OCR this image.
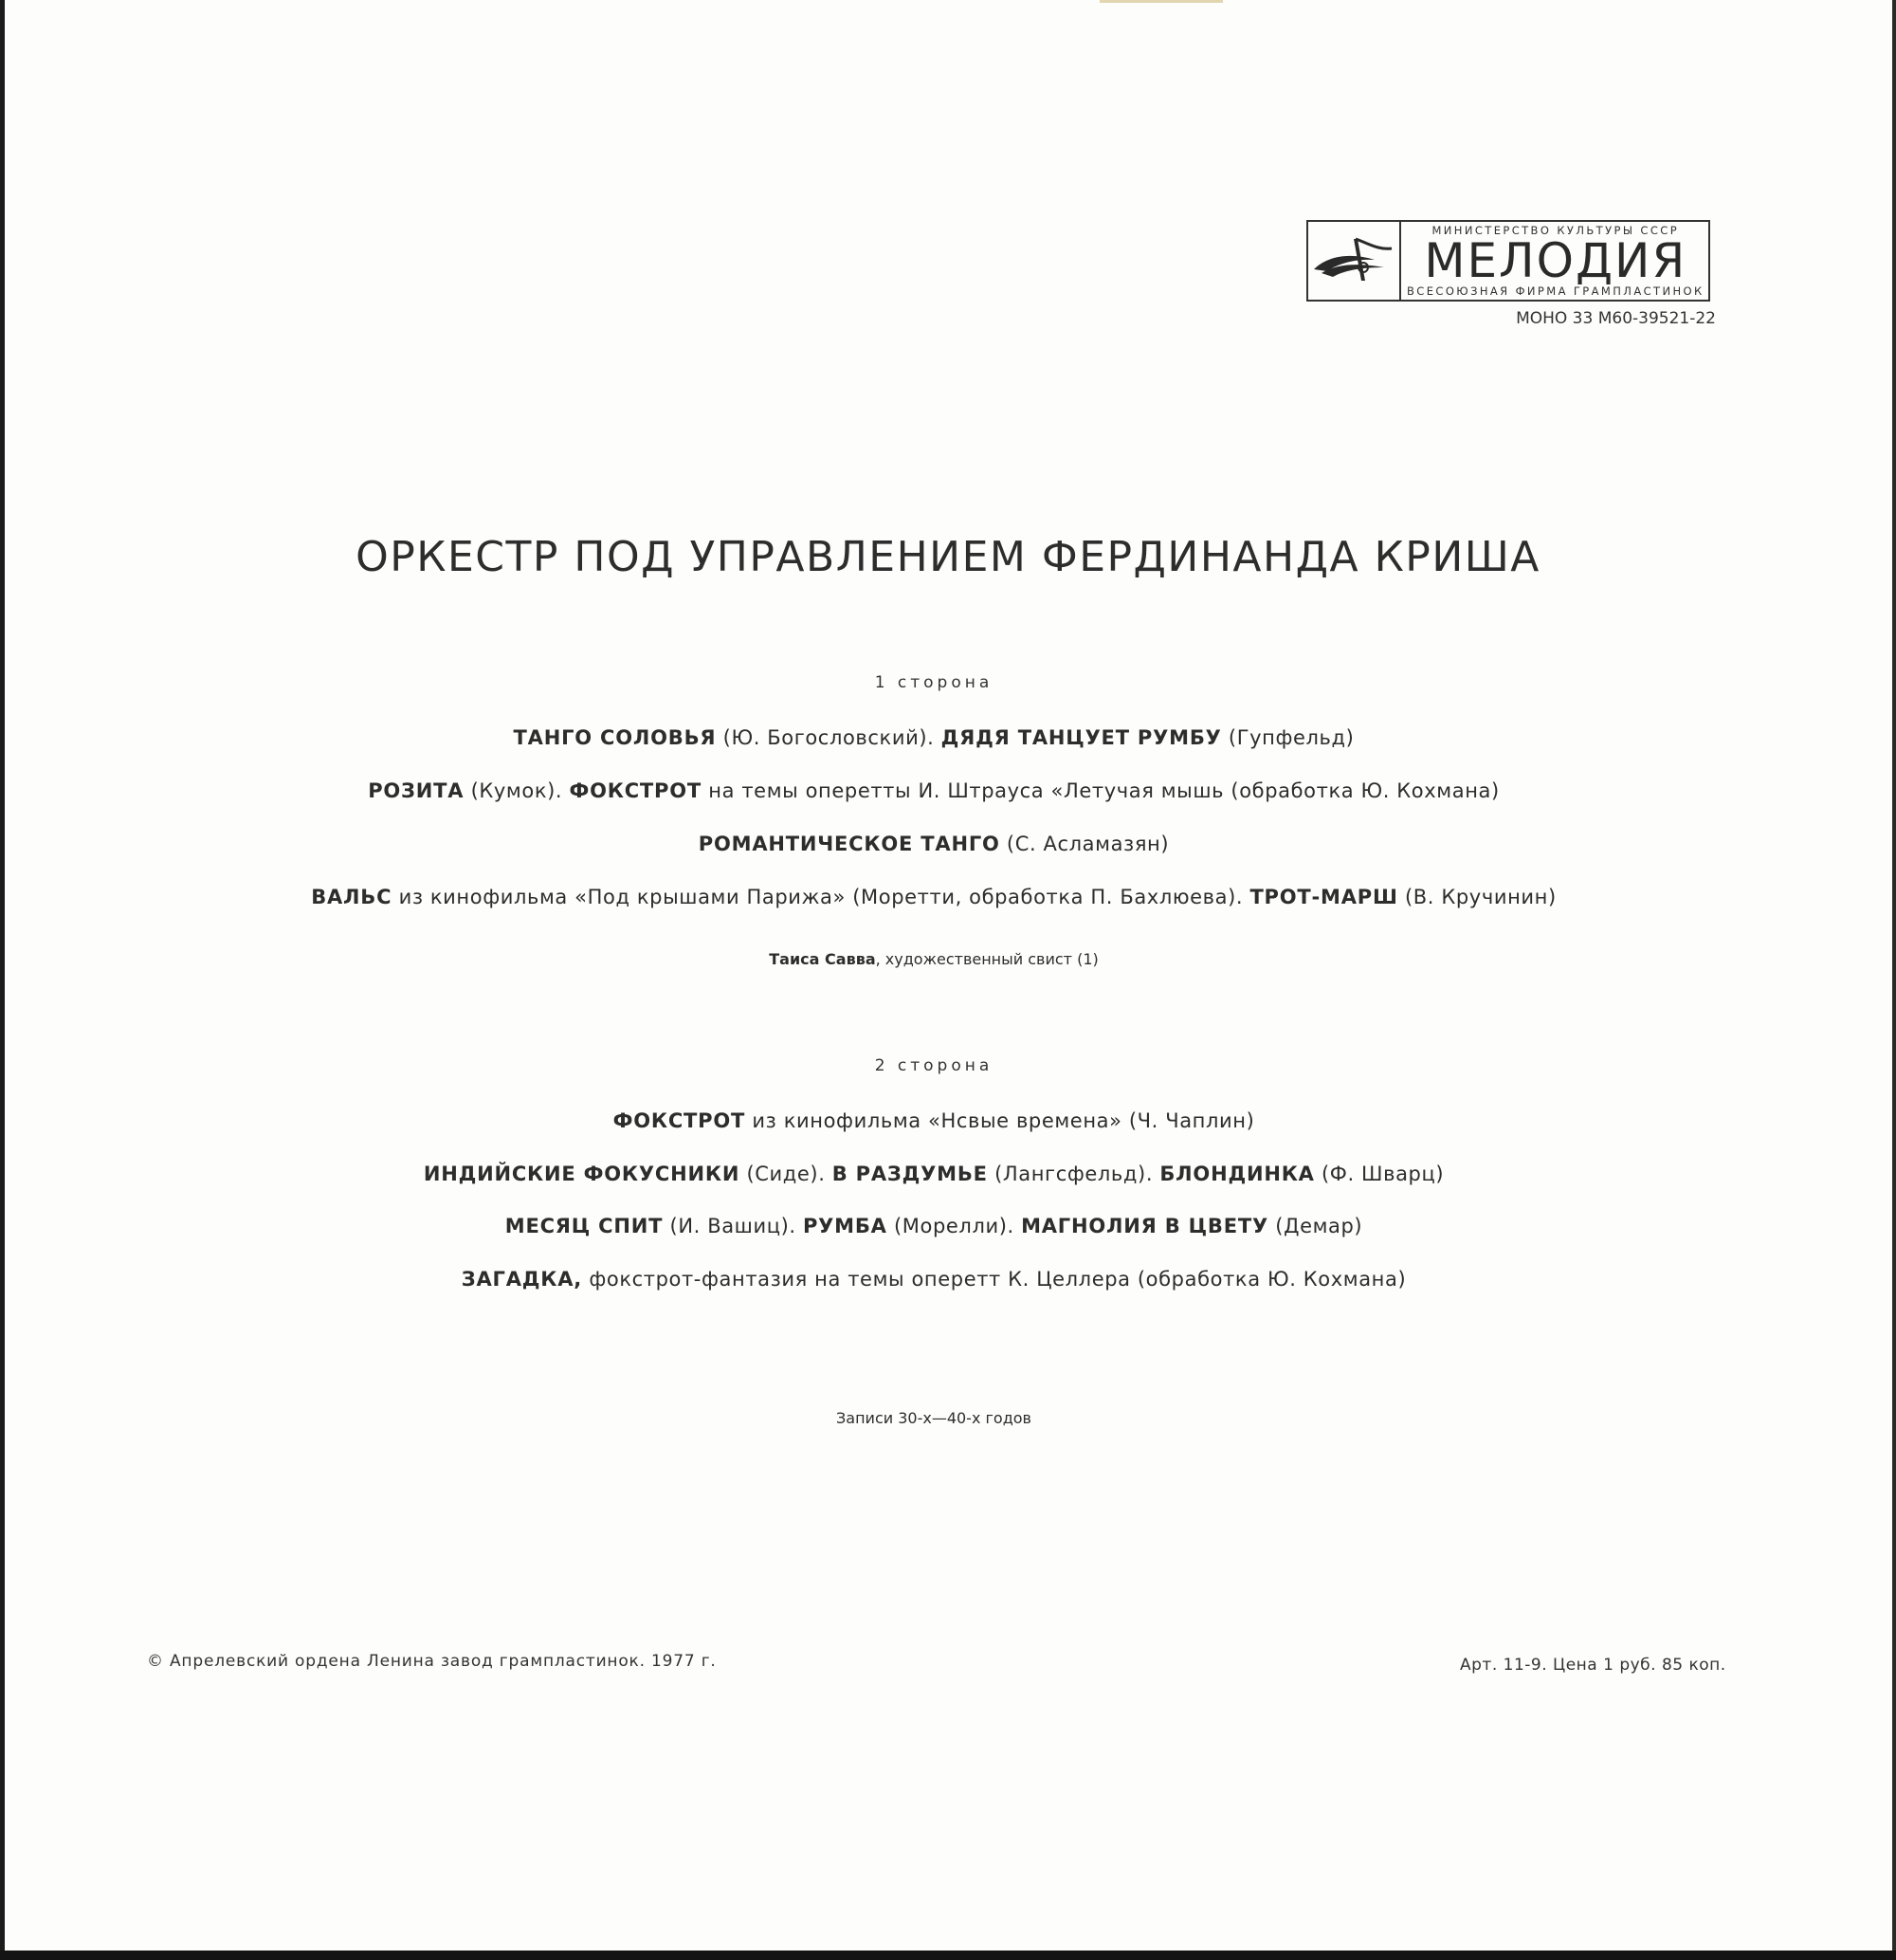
МИНИСТЕРСТВО КУЛЬТУРЫ СССР
МЕЛОДИЯ
ВСЕСОЮЗНАЯ ФИРМА ГРАМПЛАСТИНОК
МОНО 33 М60-39521-22
ОРКЕСТР ПОД УПРАВЛЕНИЕМ ФЕРДИНАНДА КРИША
1 сторона
ТАНГО СОЛОВЬЯ (Ю. Богословский). ДЯДЯ ТАНЦУЕТ РУМБУ (Гупфельд)
РОЗИТА (Кумок). ФОКСТРОТ на темы оперетты И. Штрауса «Летучая мышь (обработка Ю. Кохмана)
РОМАНТИЧЕСКОЕ ТАНГО (С. Асламазян)
ВАЛЬС из кинофильма «Под крышами Парижа» (Моретти, обработка П. Бахлюева). ТРОТ-МАРШ (В. Кручинин)
Таиса Савва, художественный свист (1)
2 сторона
ФОКСТРОТ из кинофильма «Нсвые времена» (Ч. Чаплин)
ИНДИЙСКИЕ ФОКУСНИКИ (Сиде). В РАЗДУМЬЕ (Лангсфельд). БЛОНДИНКА (Ф. Шварц)
МЕСЯЦ СПИТ (И. Вашиц). РУМБА (Морелли). МАГНОЛИЯ В ЦВЕТУ (Демар)
ЗАГАДКА, фокстрот-фантазия на темы оперетт К. Целлера (обработка Ю. Кохмана)
Записи 30-х—40-х годов
© Апрелевский ордена Ленина завод грампластинок. 1977 г.	Арт. 11-9. Цена 1 руб. 85 коп.
